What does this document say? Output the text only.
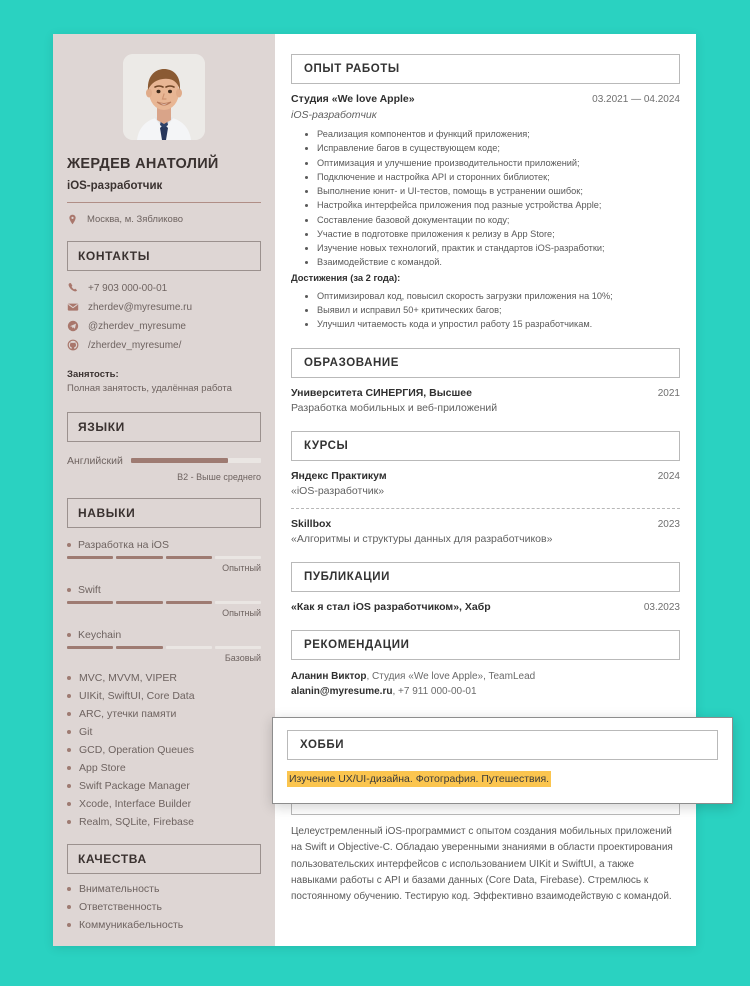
ЖЕРДЕВ АНАТОЛИЙ
iOS-разработчик
Москва, м. Зябликово
КОНТАКТЫ
+7 903 000-00-01
zherdev@myresume.ru
@zherdev_myresume
/zherdev_myresume/
Занятость:
Полная занятость, удалённая работа
ЯЗЫКИ
Английский
B2 - Выше среднего
НАВЫКИ
Разработка на iOS
Опытный
Swift
Опытный
Keychain
Базовый
MVC, MVVM, VIPER
UIKit, SwiftUI, Core Data
ARC, утечки памяти
Git
GCD, Operation Queues
App Store
Swift Package Manager
Xcode, Interface Builder
Realm, SQLite, Firebase
КАЧЕСТВА
Внимательность
Ответственность
Коммуникабельность
ОПЫТ РАБОТЫ
Студия «We love Apple»	03.2021 — 04.2024
iOS-разработчик
• Реализация компонентов и функций приложения;
• Исправление багов в существующем коде;
• Оптимизация и улучшение производительности приложений;
• Подключение и настройка API и сторонних библиотек;
• Выполнение юнит- и UI-тестов, помощь в устранении ошибок;
• Настройка интерфейса приложения под разные устройства Apple;
• Составление базовой документации по коду;
• Участие в подготовке приложения к релизу в App Store;
• Изучение новых технологий, практик и стандартов iOS-разработки;
• Взаимодействие с командой.
Достижения (за 2 года):
• Оптимизировал код, повысил скорость загрузки приложения на 10%;
• Выявил и исправил 50+ критических багов;
• Улучшил читаемость кода и упростил работу 15 разработчикам.
ОБРАЗОВАНИЕ
Университета СИНЕРГИЯ, Высшее	2021
Разработка мобильных и веб-приложений
КУРСЫ
Яндекс Практикум	2024
«iOS-разработчик»
Skillbox	2023
«Алгоритмы и структуры данных для разработчиков»
ПУБЛИКАЦИИ
«Как я стал iOS разработчиком», Хабр	03.2023
РЕКОМЕНДАЦИИ
Аланин Виктор, Студия «We love Apple», TeamLead
alanin@myresume.ru, +7 911 000-00-01
Целеустремленный iOS-программист с опытом создания мобильных приложений на Swift и Objective-C. Обладаю уверенными знаниями в области проектирования пользовательских интерфейсов с использованием UIKit и SwiftUI, а также навыками работы с API и базами данных (Core Data, Firebase). Стремлюсь к постоянному обучению. Тестирую код. Эффективно взаимодействую с командой.
ХОББИ
Изучение UX/UI-дизайна. Фотография. Путешествия.
